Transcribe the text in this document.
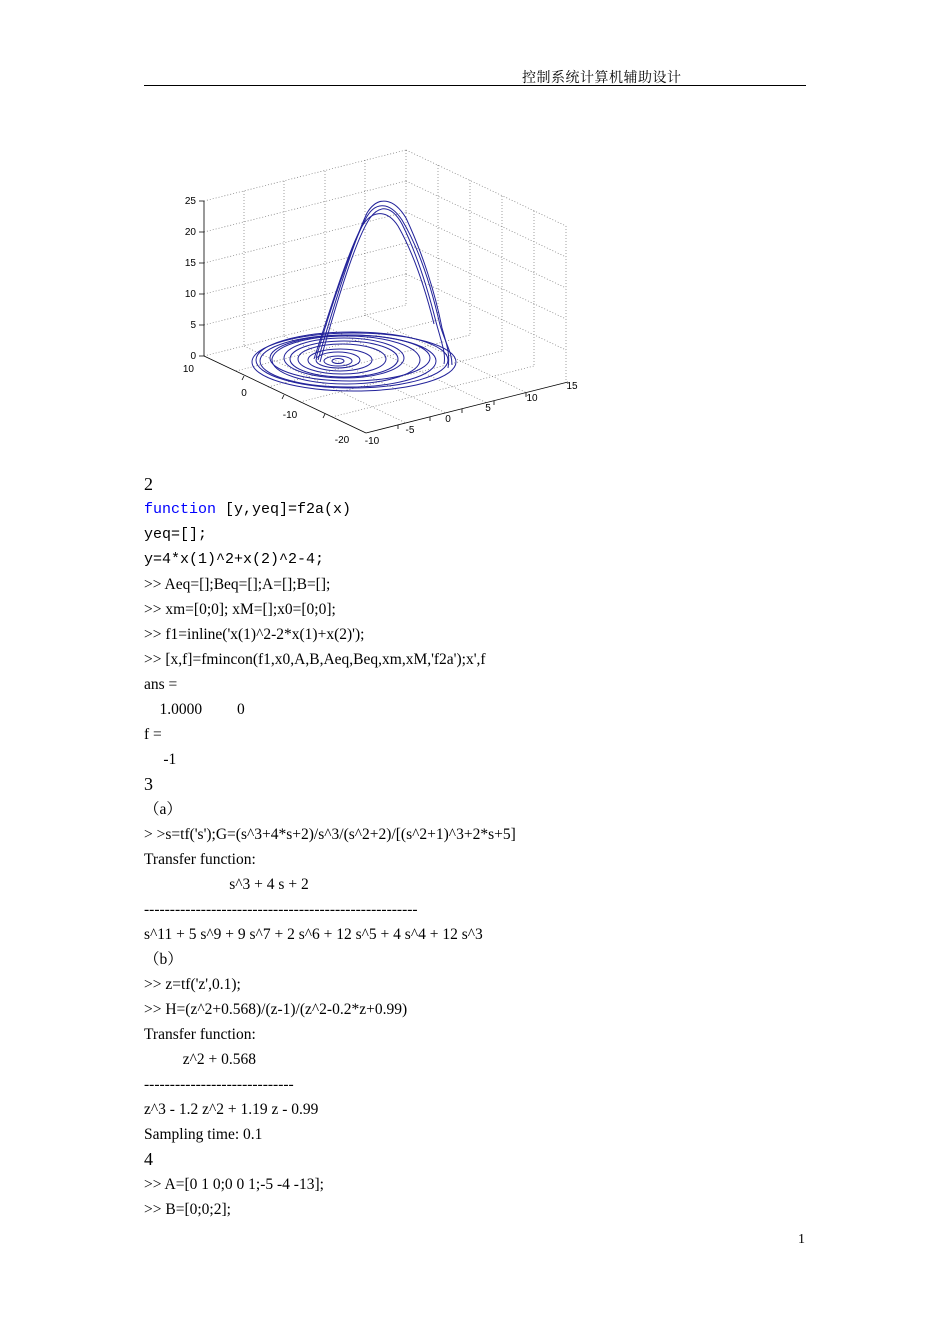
控制系统计算机辅助设计
25
20
15
10
5
0
10
0
-10
-20 -10
-5
0
5
10
15
2
function [y,yeq]=f2a(x)
yeq=[];
y=4*x(1)^2+x(2)^2-4;
>> Aeq=[];Beq=[];A=[];B=[];
>> xm=[0;0]; xM=[];x0=[0;0];
>> f1=inline('x(1)^2-2*x(1)+x(2)');
>> [x,f]=fmincon(f1,x0,A,B,Aeq,Beq,xm,xM,'f2a');x',f
ans =
1.0000         0
f =
-1
3
（a）
> >s=tf('s');G=(s^3+4*s+2)/s^3/(s^2+2)/[(s^2+1)^3+2*s+5]
Transfer function:
s^3 + 4 s + 2
-----------------------------------------------------
s^11 + 5 s^9 + 9 s^7 + 2 s^6 + 12 s^5 + 4 s^4 + 12 s^3
（b）
>> z=tf('z',0.1);
>> H=(z^2+0.568)/(z-1)/(z^2-0.2*z+0.99)
Transfer function:
z^2 + 0.568
-----------------------------
z^3 - 1.2 z^2 + 1.19 z - 0.99
Sampling time: 0.1
4
>> A=[0 1 0;0 0 1;-5 -4 -13];
>> B=[0;0;2];
1
